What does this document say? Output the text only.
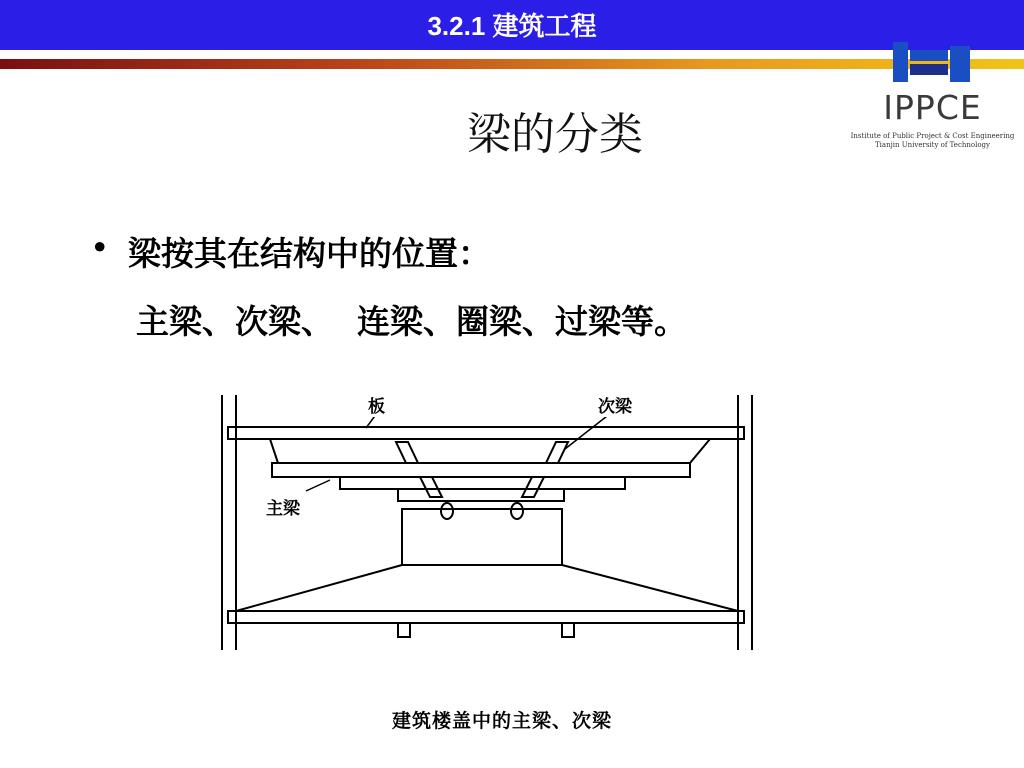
3.2.1 建筑工程
IPPCE
Institute of Public Project & Cost Engineering
Tianjin University of Technology
梁的分类
• 梁按其在结构中的位置：
主梁、次梁、  连梁、圈梁、过梁等。
板	次梁
主梁
建筑楼盖中的主梁、次梁
